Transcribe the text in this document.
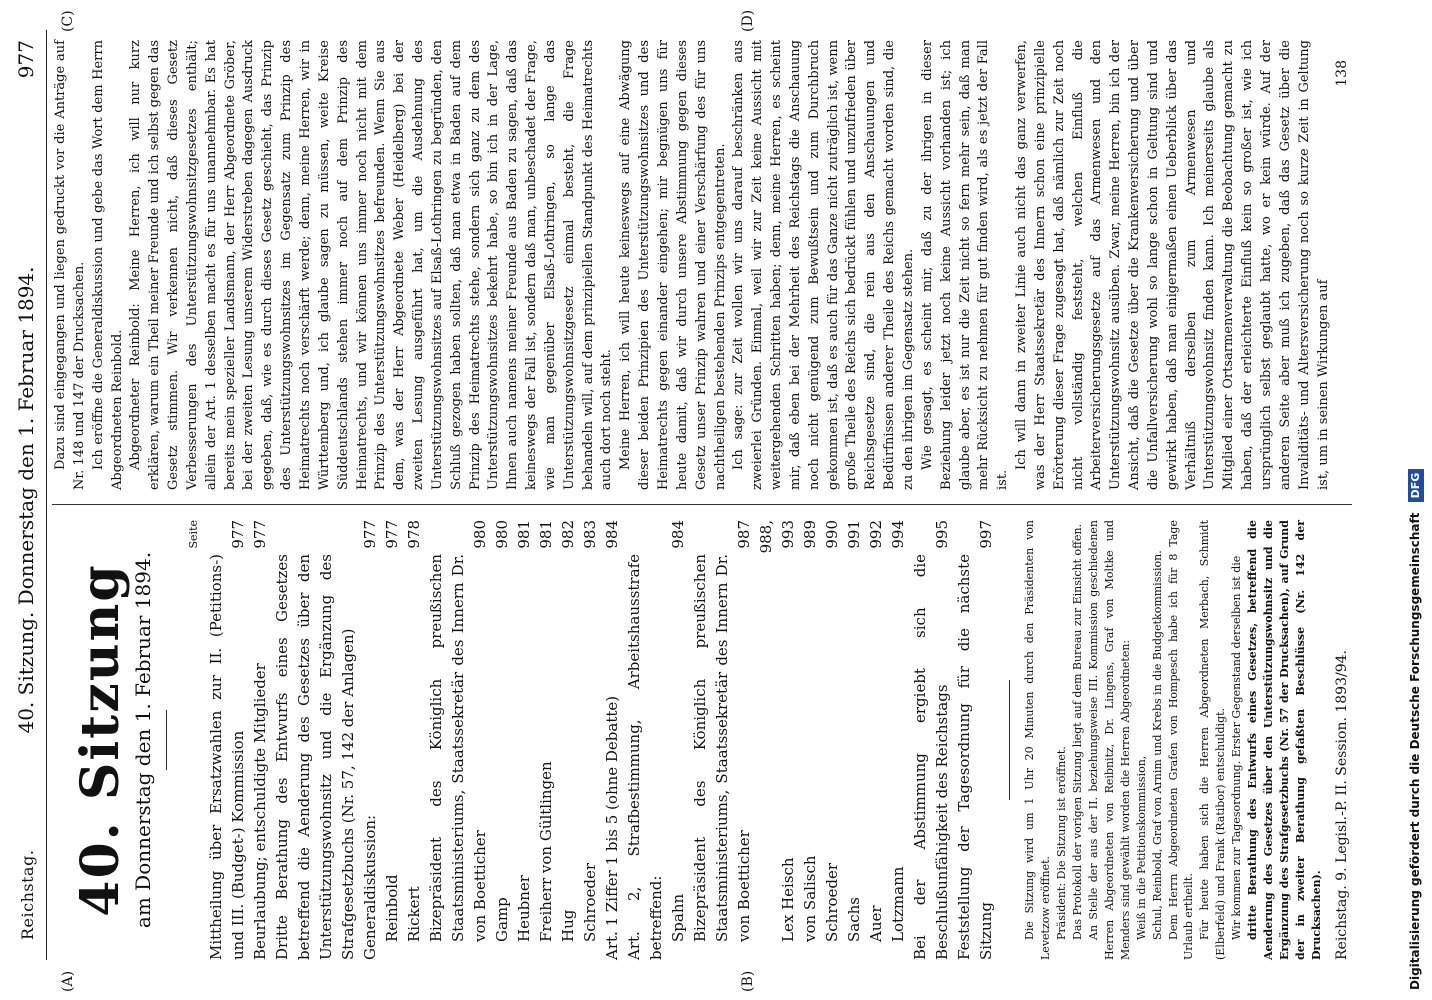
Reichstag.
40. Sitzung. Donnerstag den 1. Februar 1894.
977
(A)	(B)
(C)	(D)
40. Sitzung am Donnerstag den 1. Februar 1894.
Seite
Mittheilung über Ersatzwahlen zur II. (Petitions-) und III. (Budget-) Kommission
977
Beurlaubung; entschuldigte Mitglieder
977
Dritte Berathung des Entwurfs eines Gesetzes betreffend die Aenderung des Gesetzes über den Unterstützungswohnsitz und die Ergänzung des Strafgesetzbuchs (Nr. 57, 142 der Anlagen) Generaldiskussion:
977
Reinbold
977
Rickert
978
Bizepräsident des Königlich preußischen Staatsministeriums, Staatssekretär des Innern Dr. von Boetticher
980
Gamp
980
Heubner
981
Freiherr von Gültlingen
981
Hug
982
Schroeder
983
Art. 1 Ziffer 1 bis 5 (ohne Debatte)
984
Art. 2, Strafbestimmung, Arbeitshausstrafe betreffend: Spahn
984
Bizepräsident des Königlich preußischen Staatsministeriums, Staatssekretär des Innern Dr. von Boetticher
987
Lex Heisch
988, 993
von Salisch
989
Schroeder
990
Sachs
991
Auer
992
Lotzmann
994
Bei der Abstimmung ergiebt sich die Beschlußunfähigkeit des Reichstags
995
Feststellung der Tagesordnung für die nächste Sitzung
997	Die Sitzung wird um 1 Uhr 20 Minuten durch den Präsidenten von Levetzow eröffnet. Präsident: Die Sitzung ist eröffnet. Das Protokoll der vorigen Sitzung liegt auf dem Bureau zur Einsicht offen. An Stelle der aus der II. beziehungsweise III. Kommission geschiedenen Herren Abgeordneten von Reibnitz, Dr. Lingens, Graf von Moltke und Menders sind gewählt worden die Herren Abgeordneten: Weiß in die Petitionskommission, Schul, Reinbold, Graf von Arnim und Krebs in die Budgetkommission. Dem Herrn Abgeordneten Grafen von Hompesch habe ich für 8 Tage Urlaub ertheilt. Für heute haben sich die Herren Abgeordneten Merbach, Schmidt (Elberfeld) und Frank (Ratibor) entschuldigt. Wir kommen zur Tagesordnung. Erster Gegenstand derselben ist die dritte Berathung des Entwurfs eines Gesetzes, betreffend die Aenderung des Gesetzes über den Unterstützungswohnsitz und die Ergänzung des Strafgesetzbuchs (Nr. 57 der Drucksachen), auf Grund der in zweiter Berathung gefaßten Beschlüsse (Nr. 142 der Drucksachen). Reichstag. 9. Legisl.-P. II. Session. 1893/94.

Dazu sind eingegangen und liegen gedruckt vor die Anträge auf Nr. 148 und 147 der Drucksachen. Ich eröffne die Generaldiskussion und gebe das Wort dem Herrn Abgeordneten Reinbold. Abgeordneter Reinbold: Meine Herren, ich will nur kurz erklären, warum ein Theil meiner Freunde und ich selbst gegen das Gesetz stimmen. Wir verkennen nicht, daß dieses Gesetz Verbesserungen des Unterstützungswohnsitzgesetzes enthält; allein der Art. 1 desselben macht es für uns unannehmbar. Es hat bereits mein spezieller Landsmann, der Herr Abgeordnete Gröber, bei der zweiten Lesung unserem Widerstreben dagegen Ausdruck gegeben, daß, wie es durch dieses Gesetz geschieht, das Prinzip des Unterstützungswohnsitzes im Gegensatz zum Prinzip des Heimatrechts noch verschärft werde; denn, meine Herren, wir in Württemberg und, ich glaube sagen zu müssen, weite Kreise Süddeutschlands stehen immer noch auf dem Prinzip des Heimatrechts, und wir können uns immer noch nicht mit dem Prinzip des Unterstützungswohnsitzes befreunden. Wenn Sie aus dem, was der Herr Abgeordnete Weber (Heidelberg) bei der zweiten Lesung ausgeführt hat, um die Ausdehnung des Unterstützungswohnsitzes auf Elsaß-Lothringen zu begründen, den Schluß gezogen haben sollten, daß man etwa in Baden auf dem Prinzip des Heimatrechts stehe, sondern sich ganz zu dem des Unterstützungswohnsitzes bekehrt habe, so bin ich in der Lage, Ihnen auch namens meiner Freunde aus Baden zu sagen, daß das keineswegs der Fall ist, sondern daß man, unbeschadet der Frage, wie man gegenüber Elsaß-Lothringen, so lange das Unterstützungswohnsitzgesetz einmal besteht, die Frage behandeln will, auf dem prinzipiellen Standpunkt des Heimatrechts auch dort noch steht. Meine Herren, ich will heute keineswegs auf eine Abwägung dieser beiden Prinzipien des Unterstützungswohnsitzes und des Heimatrechts gegen einander eingehen; mir begnügen uns für heute damit, daß wir durch unsere Abstimmung gegen dieses Gesetz unser Prinzip wahren und einer Verschärfung des für uns nachtheiligen bestehenden Prinzips entgegentreten. Ich sage: zur Zeit wollen wir uns darauf beschränken aus zweierlei Gründen. Einmal, weil wir zur Zeit keine Aussicht mit weitergehenden Schritten haben; denn, meine Herren, es scheint mir, daß eben bei der Mehrheit des Reichstags die Anschauung noch nicht genügend zum Bewußtsein und zum Durchbruch gekommen ist, daß es auch für das Ganze nicht zuträglich ist, wenn große Theile des Reichs sich bedrückt fühlen und unzufrieden über Reichsgesetze sind, die rein aus den Anschauungen und Bedürfnissen anderer Theile des Reichs gemacht worden sind, die zu den ihrigen im Gegensatz stehen. Wie gesagt, es scheint mir, daß zu der ihrigen in dieser Beziehung leider jetzt noch keine Aussicht vorhanden ist; ich glaube aber, es ist nur die Zeit nicht so fern mehr sein, daß man mehr Rücksicht zu nehmen für gut finden wird, als es jetzt der Fall ist.

Ich will dann in zweiter Linie auch nicht das ganz verwerfen, was der Herr Staatssekretär des Innern schon eine prinzipielle Erörterung dieser Frage zugesagt hat, daß nämlich zur Zeit noch nicht vollständig feststeht, welchen Einfluß die Arbeiterversicherungsgesetze auf das Armenwesen und den Unterstützungswohnsitz ausüben. Zwar, meine Herren, bin ich der Ansicht, daß die Gesetze über die Krankenversicherung und über die Unfallversicherung wohl so lange schon in Geltung sind und gewirkt haben, daß man einigermaßen einen Ueberblick über das Verhältniß derselben zum Armenwesen und Unterstützungswohnsitz finden kann. Ich meinerseits glaube als Mitglied einer Ortsarmenverwaltung die Beobachtung gemacht zu haben, daß der erleichterte Einfluß kein so großer ist, wie ich ursprünglich selbst geglaubt hatte, wo er kein würde. Auf der anderen Seite aber muß ich zugeben, daß das Gesetz über die Invaliditäts- und Altersversicherung noch so kurze Zeit in Geltung ist, um in seinen Wirkungen auf

138
Digitalisierung gefördert durch die Deutsche Forschungsgemeinschaft DFG
